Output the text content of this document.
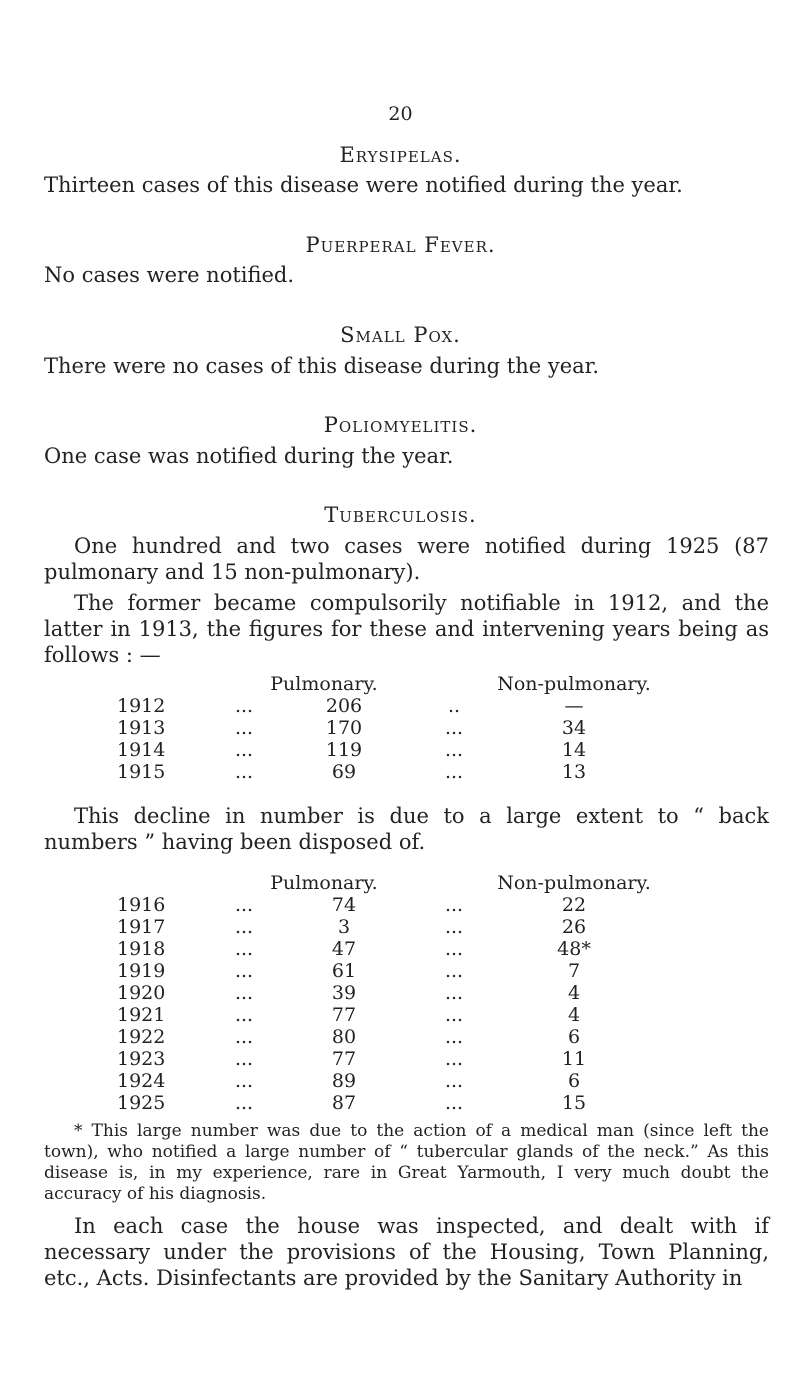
20
Erysipelas.
Thirteen cases of this disease were notified during the year.
Puerperal Fever.
No cases were notified.
Small Pox.
There were no cases of this disease during the year.
Poliomyelitis.
One case was notified during the year.
Tuberculosis.
One hundred and two cases were notified during 1925 (87 pulmonary and 15 non-pulmonary).
The former became compulsorily notifiable in 1912, and the latter in 1913, the figures for these and intervening years being as follows : —
		Pulmonary.		Non-pulmonary.
1912	...	206	..	—
1913	...	170	...	34
1914	...	119	...	14
1915	...	69	...	13
This decline in number is due to a large extent to “ back numbers ” having been disposed of.
		Pulmonary.		Non-pulmonary.
1916	...	74	...	22
1917	...	3	...	26
1918	...	47	...	48*
1919	...	61	...	7
1920	...	39	...	4
1921	...	77	...	4
1922	...	80	...	6
1923	...	77	...	11
1924	...	89	...	6
1925	...	87	...	15
* This large number was due to the action of a medical man (since left the town), who notified a large number of “ tubercular glands of the neck.” As this disease is, in my experience, rare in Great Yarmouth, I very much doubt the accuracy of his diagnosis.
In each case the house was inspected, and dealt with if necessary under the provisions of the Housing, Town Planning, etc., Acts. Disinfectants are provided by the Sanitary Authority in
